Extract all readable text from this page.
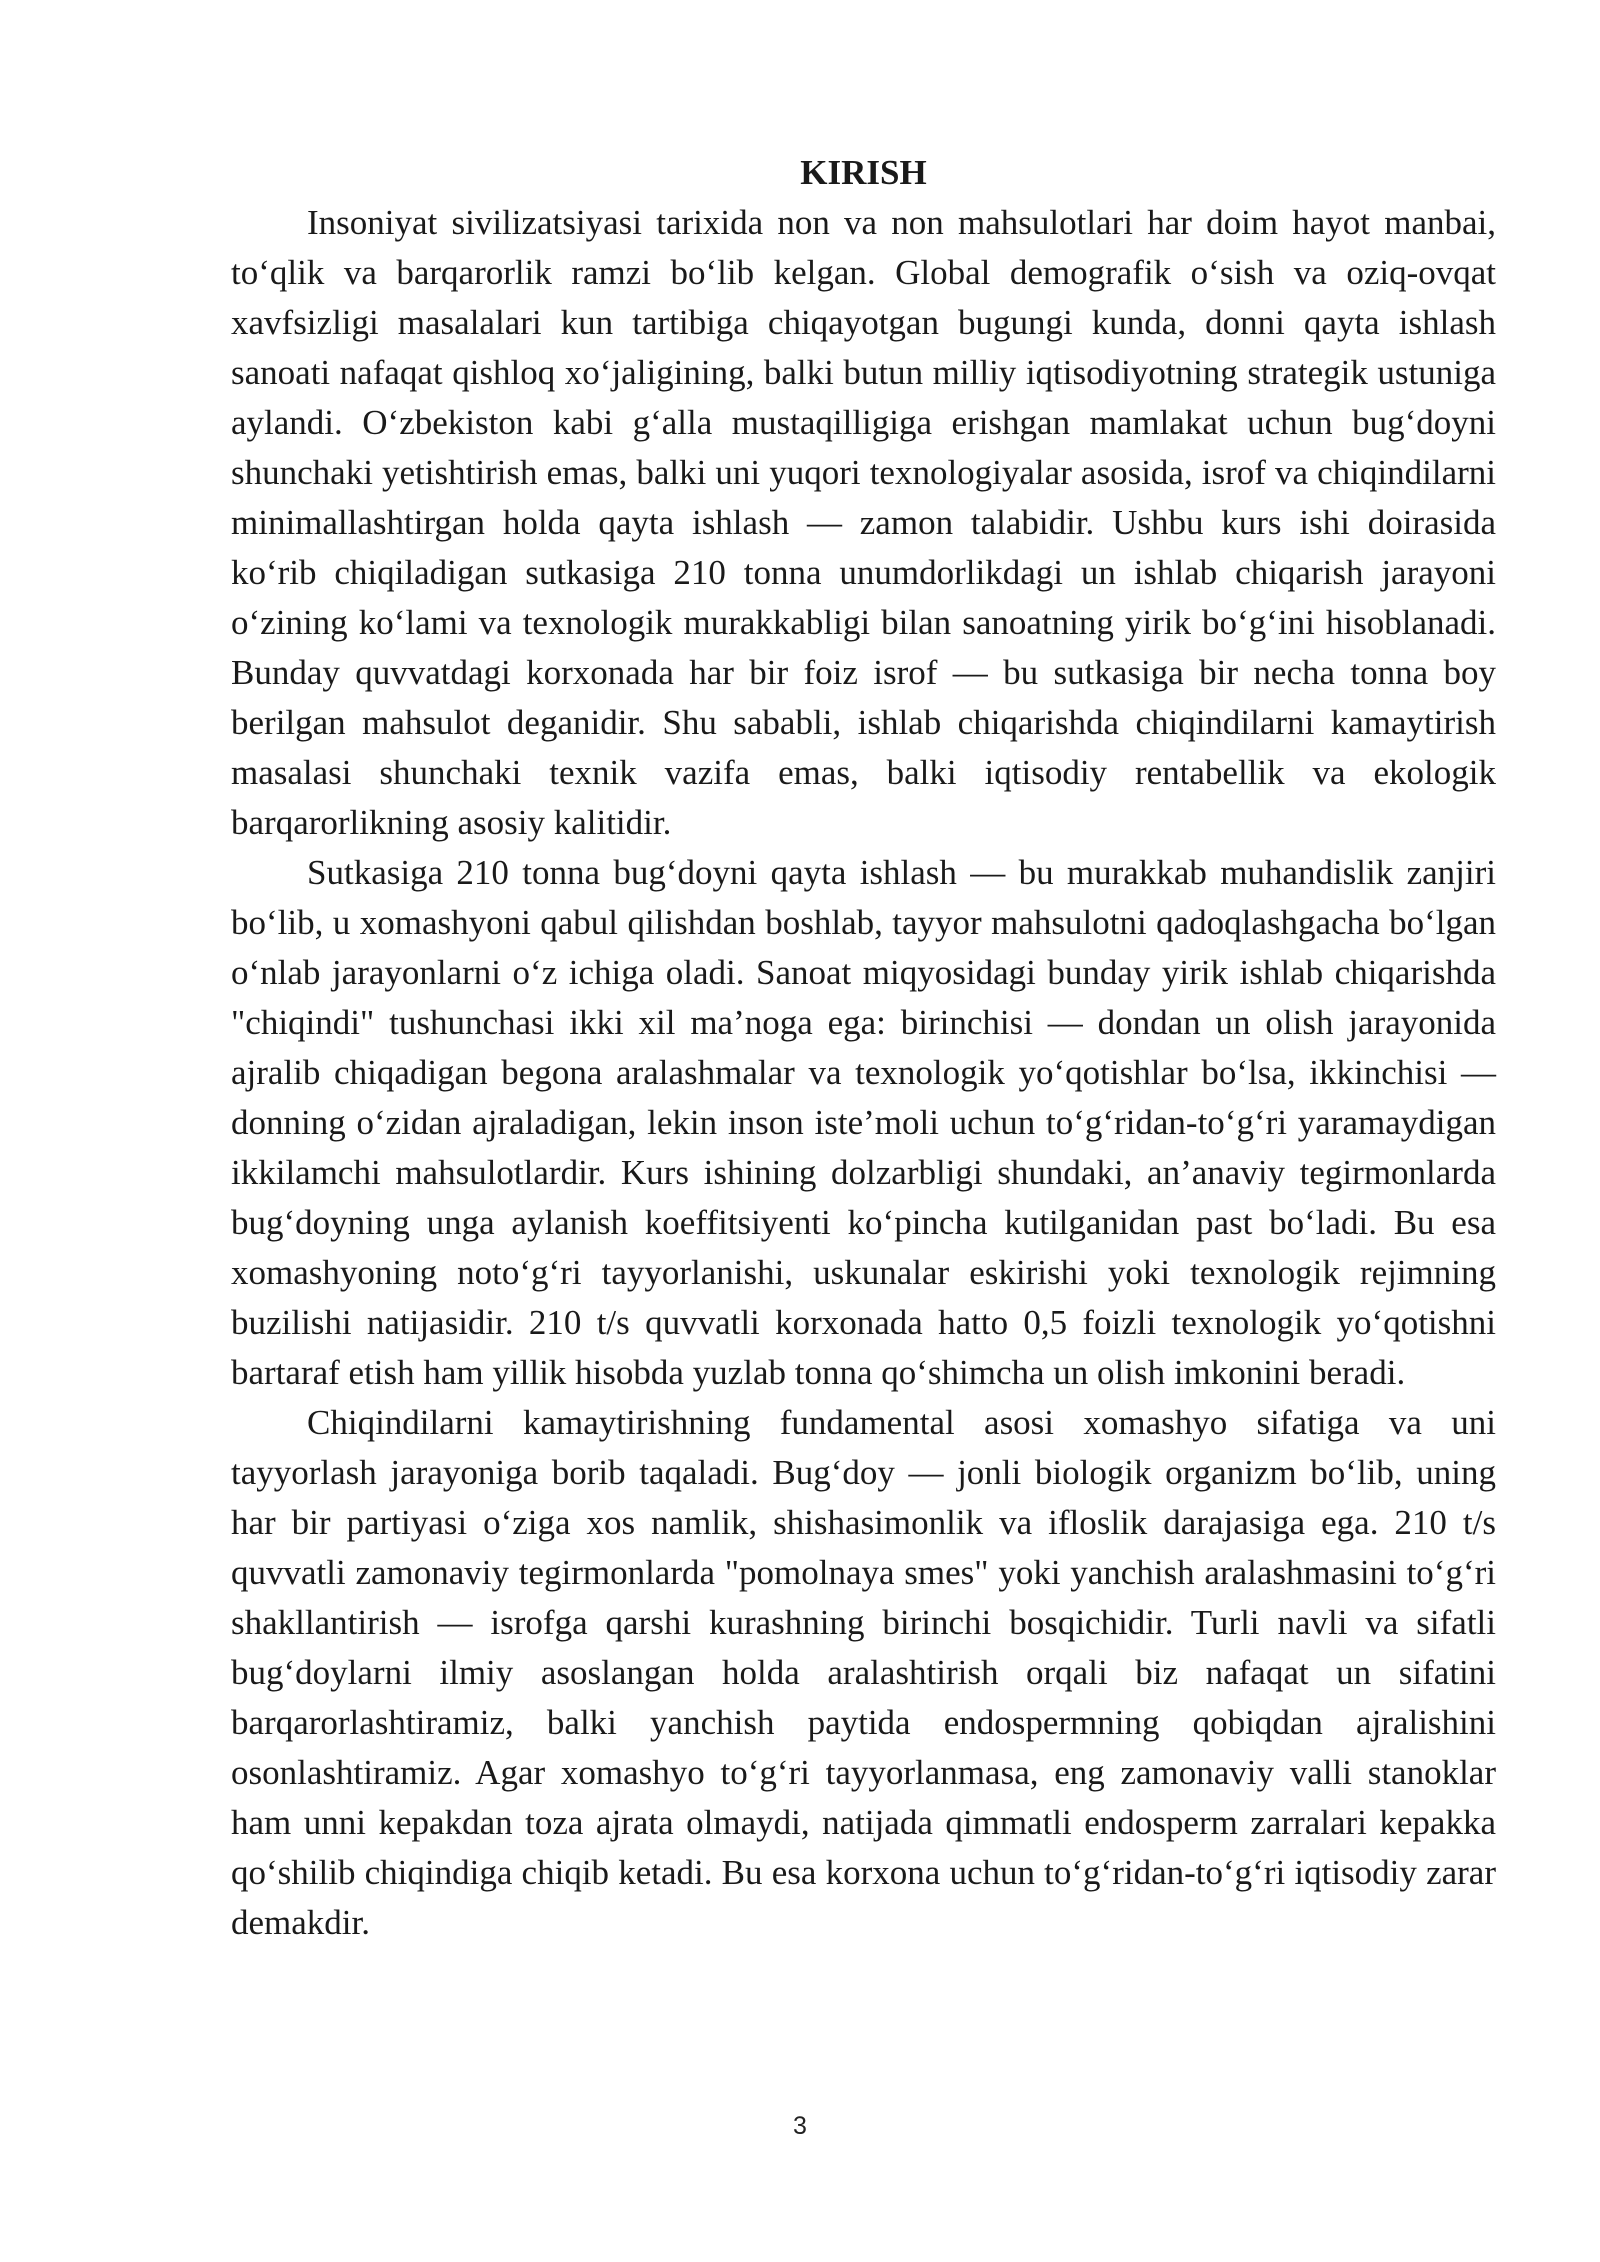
KIRISH

Insoniyat sivilizatsiyasi tarixida non va non mahsulotlari har doim hayot manbai, to‘qlik va barqarorlik ramzi bo‘lib kelgan. Global demografik o‘sish va oziq-ovqat xavfsizligi masalalari kun tartibiga chiqayotgan bugungi kunda, donni qayta ishlash sanoati nafaqat qishloq xo‘jaligining, balki butun milliy iqtisodiyotning strategik ustuniga aylandi. O‘zbekiston kabi g‘alla mustaqilligiga erishgan mamlakat uchun bug‘doyni shunchaki yetishtirish emas, balki uni yuqori texnologiyalar asosida, isrof va chiqindilarni minimallashtirgan holda qayta ishlash — zamon talabidir. Ushbu kurs ishi doirasida ko‘rib chiqiladigan sutkasiga 210 tonna unumdorlikdagi un ishlab chiqarish jarayoni o‘zining ko‘lami va texnologik murakkabligi bilan sanoatning yirik bo‘g‘ini hisoblanadi. Bunday quvvatdagi korxonada har bir foiz isrof — bu sutkasiga bir necha tonna boy berilgan mahsulot deganidir. Shu sababli, ishlab chiqarishda chiqindilarni kamaytirish masalasi shunchaki texnik vazifa emas, balki iqtisodiy rentabellik va ekologik barqarorlikning asosiy kalitidir.

Sutkasiga 210 tonna bug‘doyni qayta ishlash — bu murakkab muhandislik zanjiri bo‘lib, u xomashyoni qabul qilishdan boshlab, tayyor mahsulotni qadoqlashgacha bo‘lgan o‘nlab jarayonlarni o‘z ichiga oladi. Sanoat miqyosidagi bunday yirik ishlab chiqarishda "chiqindi" tushunchasi ikki xil ma’noga ega: birinchisi — dondan un olish jarayonida ajralib chiqadigan begona aralashmalar va texnologik yo‘qotishlar bo‘lsa, ikkinchisi — donning o‘zidan ajraladigan, lekin inson iste’moli uchun to‘g‘ridan-to‘g‘ri yaramaydigan ikkilamchi mahsulotlardir. Kurs ishining dolzarbligi shundaki, an’anaviy tegirmonlarda bug‘doyning unga aylanish koeffitsiyenti ko‘pincha kutilganidan past bo‘ladi. Bu esa xomashyoning noto‘g‘ri tayyorlanishi, uskunalar eskirishi yoki texnologik rejimning buzilishi natijasidir. 210 t/s quvvatli korxonada hatto 0,5 foizli texnologik yo‘qotishni bartaraf etish ham yillik hisobda yuzlab tonna qo‘shimcha un olish imkonini beradi.

Chiqindilarni kamaytirishning fundamental asosi xomashyo sifatiga va uni tayyorlash jarayoniga borib taqaladi. Bug‘doy — jonli biologik organizm bo‘lib, uning har bir partiyasi o‘ziga xos namlik, shishasimonlik va ifloslik darajasiga ega. 210 t/s quvvatli zamonaviy tegirmonlarda "pomolnaya smes" yoki yanchish aralashmasini to‘g‘ri shakllantirish — isrofga qarshi kurashning birinchi bosqichidir. Turli navli va sifatli bug‘doylarni ilmiy asoslangan holda aralashtirish orqali biz nafaqat un sifatini barqarorlashtiramiz, balki yanchish paytida endospermning qobiqdan ajralishini osonlashtiramiz. Agar xomashyo to‘g‘ri tayyorlanmasa, eng zamonaviy valli stanoklar ham unni kepakdan toza ajrata olmaydi, natijada qimmatli endosperm zarralari kepakka qo‘shilib chiqindiga chiqib ketadi. Bu esa korxona uchun to‘g‘ridan-to‘g‘ri iqtisodiy zarar demakdir.

3
